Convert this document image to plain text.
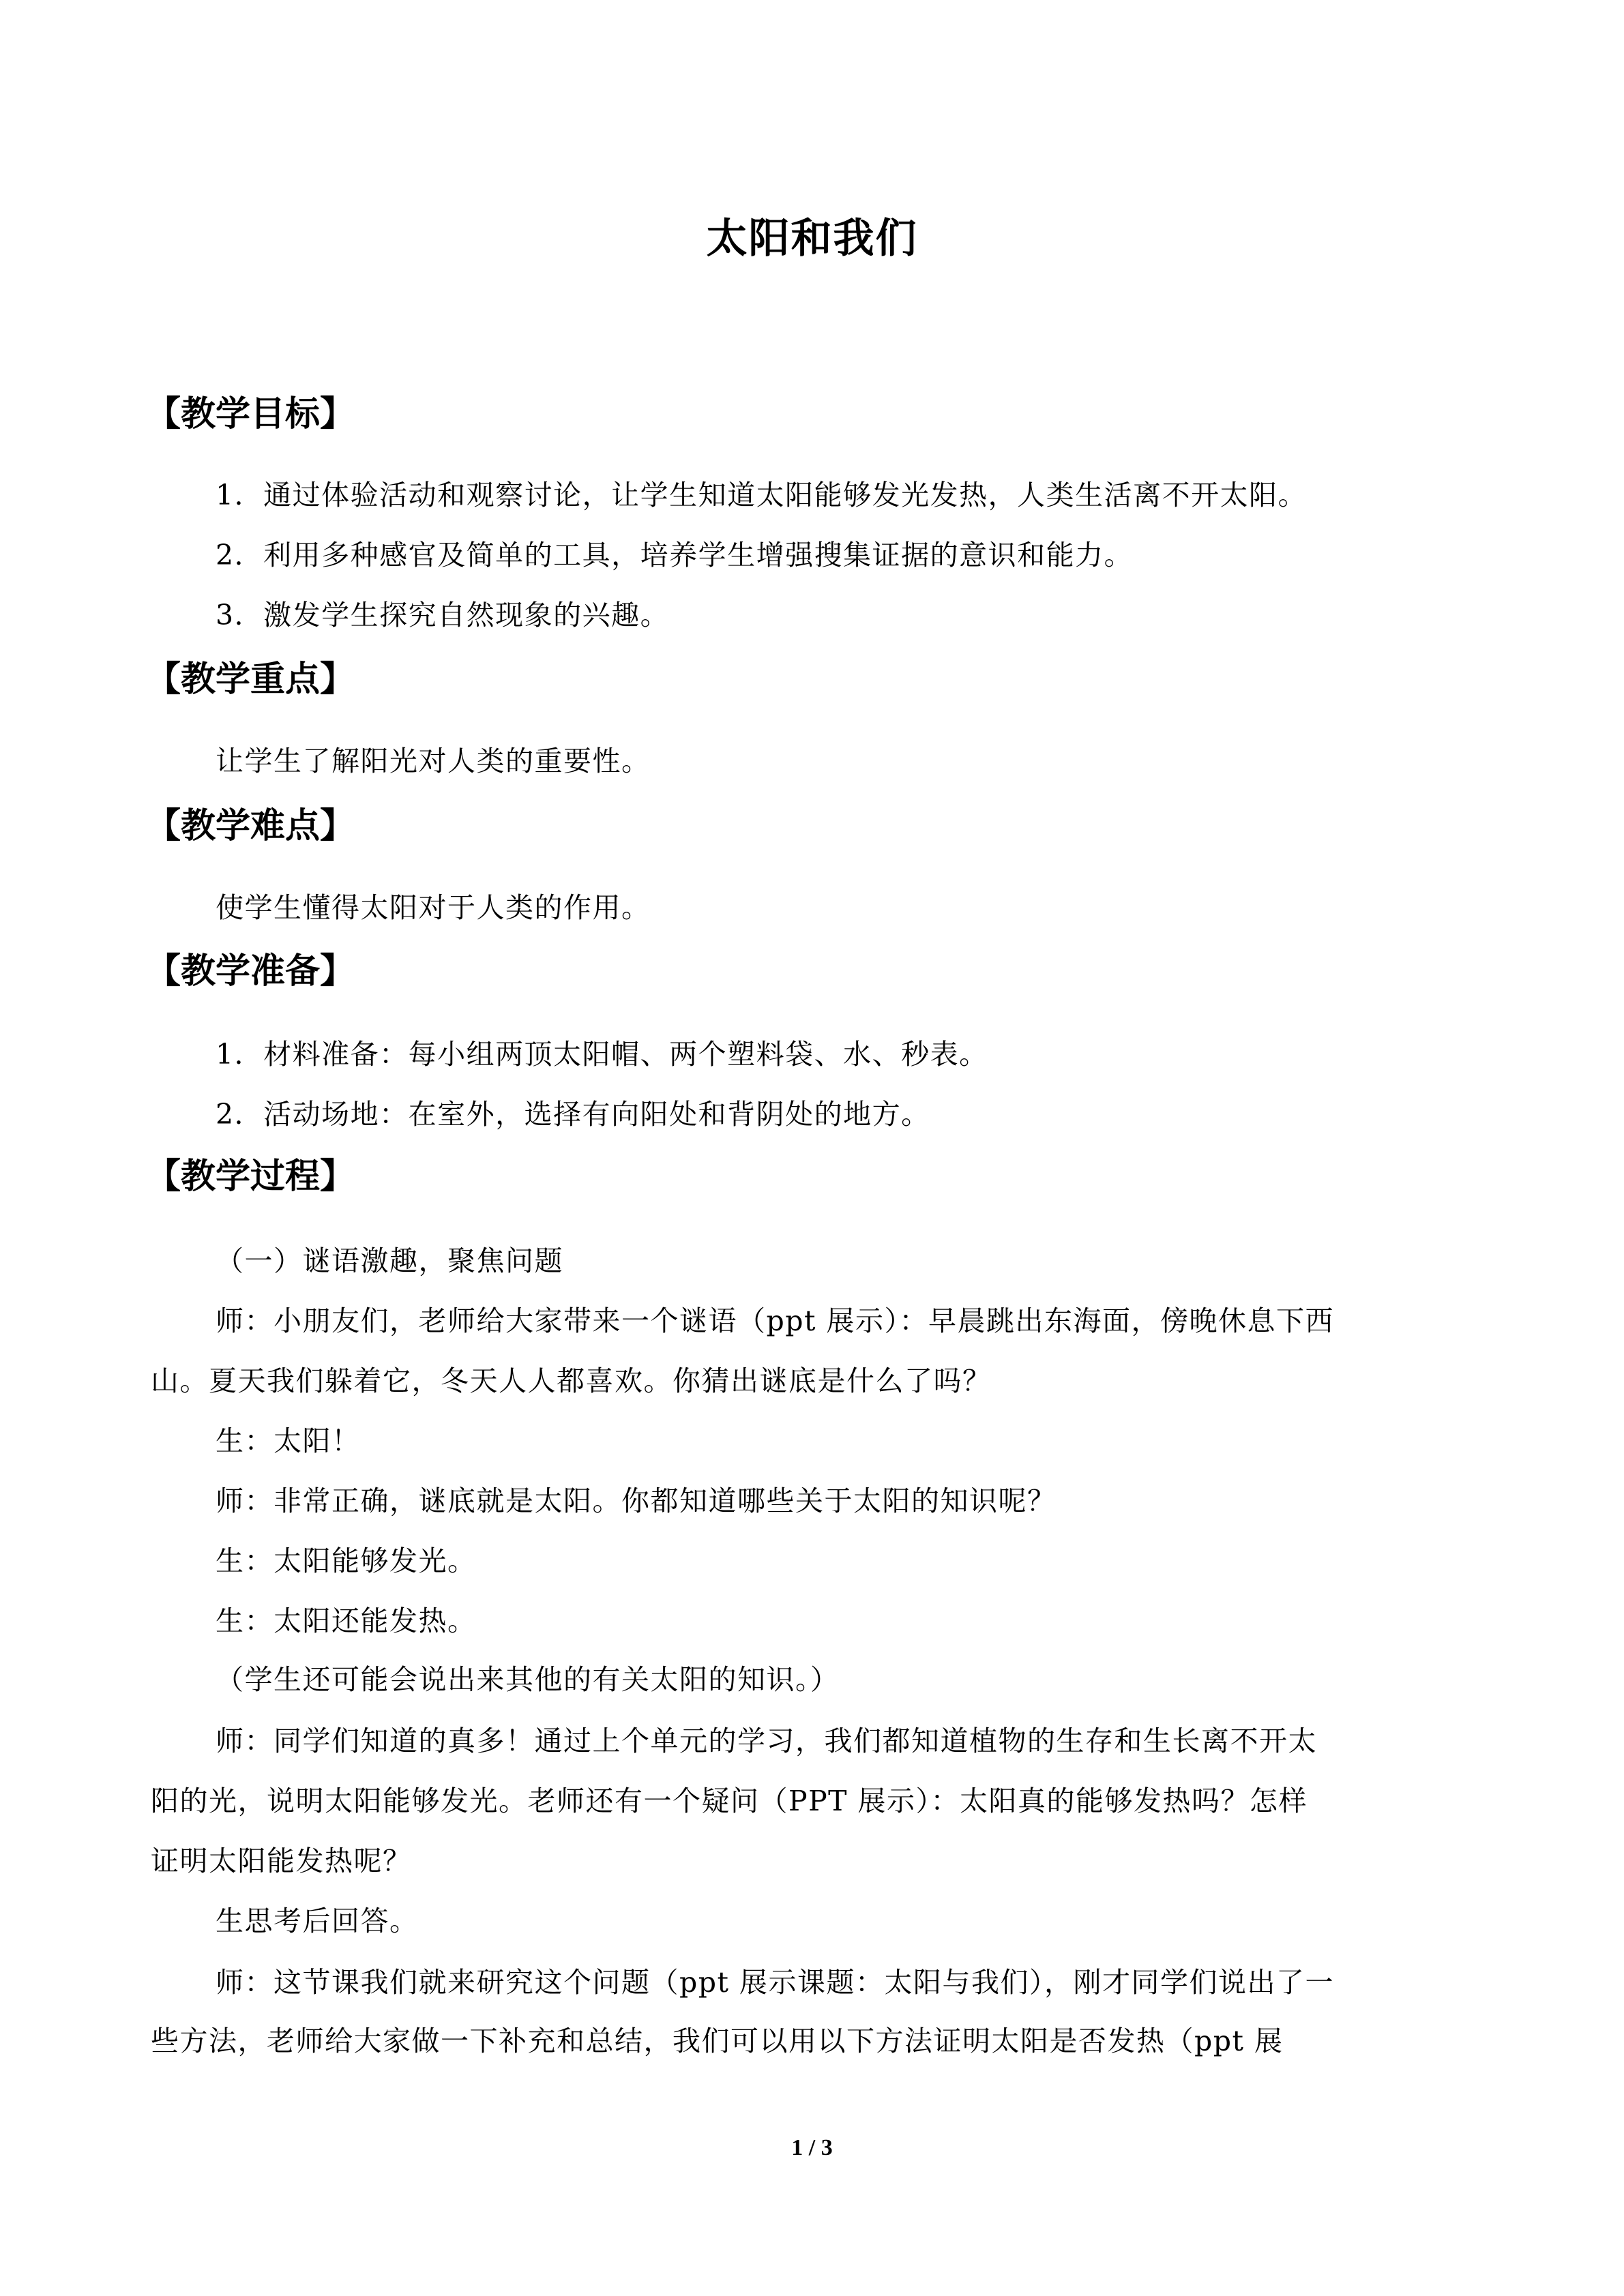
太阳和我们
【教学目标】
1．通过体验活动和观察讨论，让学生知道太阳能够发光发热，人类生活离不开太阳。
2．利用多种感官及简单的工具，培养学生增强搜集证据的意识和能力。
3．激发学生探究自然现象的兴趣。
【教学重点】
让学生了解阳光对人类的重要性。
【教学难点】
使学生懂得太阳对于人类的作用。
【教学准备】
1．材料准备：每小组两顶太阳帽、两个塑料袋、水、秒表。
2．活动场地：在室外，选择有向阳处和背阴处的地方。
【教学过程】
（一）谜语激趣，聚焦问题
师：小朋友们，老师给大家带来一个谜语（ppt 展示）：早晨跳出东海面，傍晚休息下西
山。夏天我们躲着它，冬天人人都喜欢。你猜出谜底是什么了吗？
生：太阳！
师：非常正确，谜底就是太阳。你都知道哪些关于太阳的知识呢？
生：太阳能够发光。
生：太阳还能发热。
（学生还可能会说出来其他的有关太阳的知识。）
师：同学们知道的真多！通过上个单元的学习，我们都知道植物的生存和生长离不开太
阳的光，说明太阳能够发光。老师还有一个疑问（PPT 展示）：太阳真的能够发热吗？怎样
证明太阳能发热呢？
生思考后回答。
师：这节课我们就来研究这个问题（ppt 展示课题：太阳与我们），刚才同学们说出了一
些方法，老师给大家做一下补充和总结，我们可以用以下方法证明太阳是否发热（ppt 展
1 / 3
